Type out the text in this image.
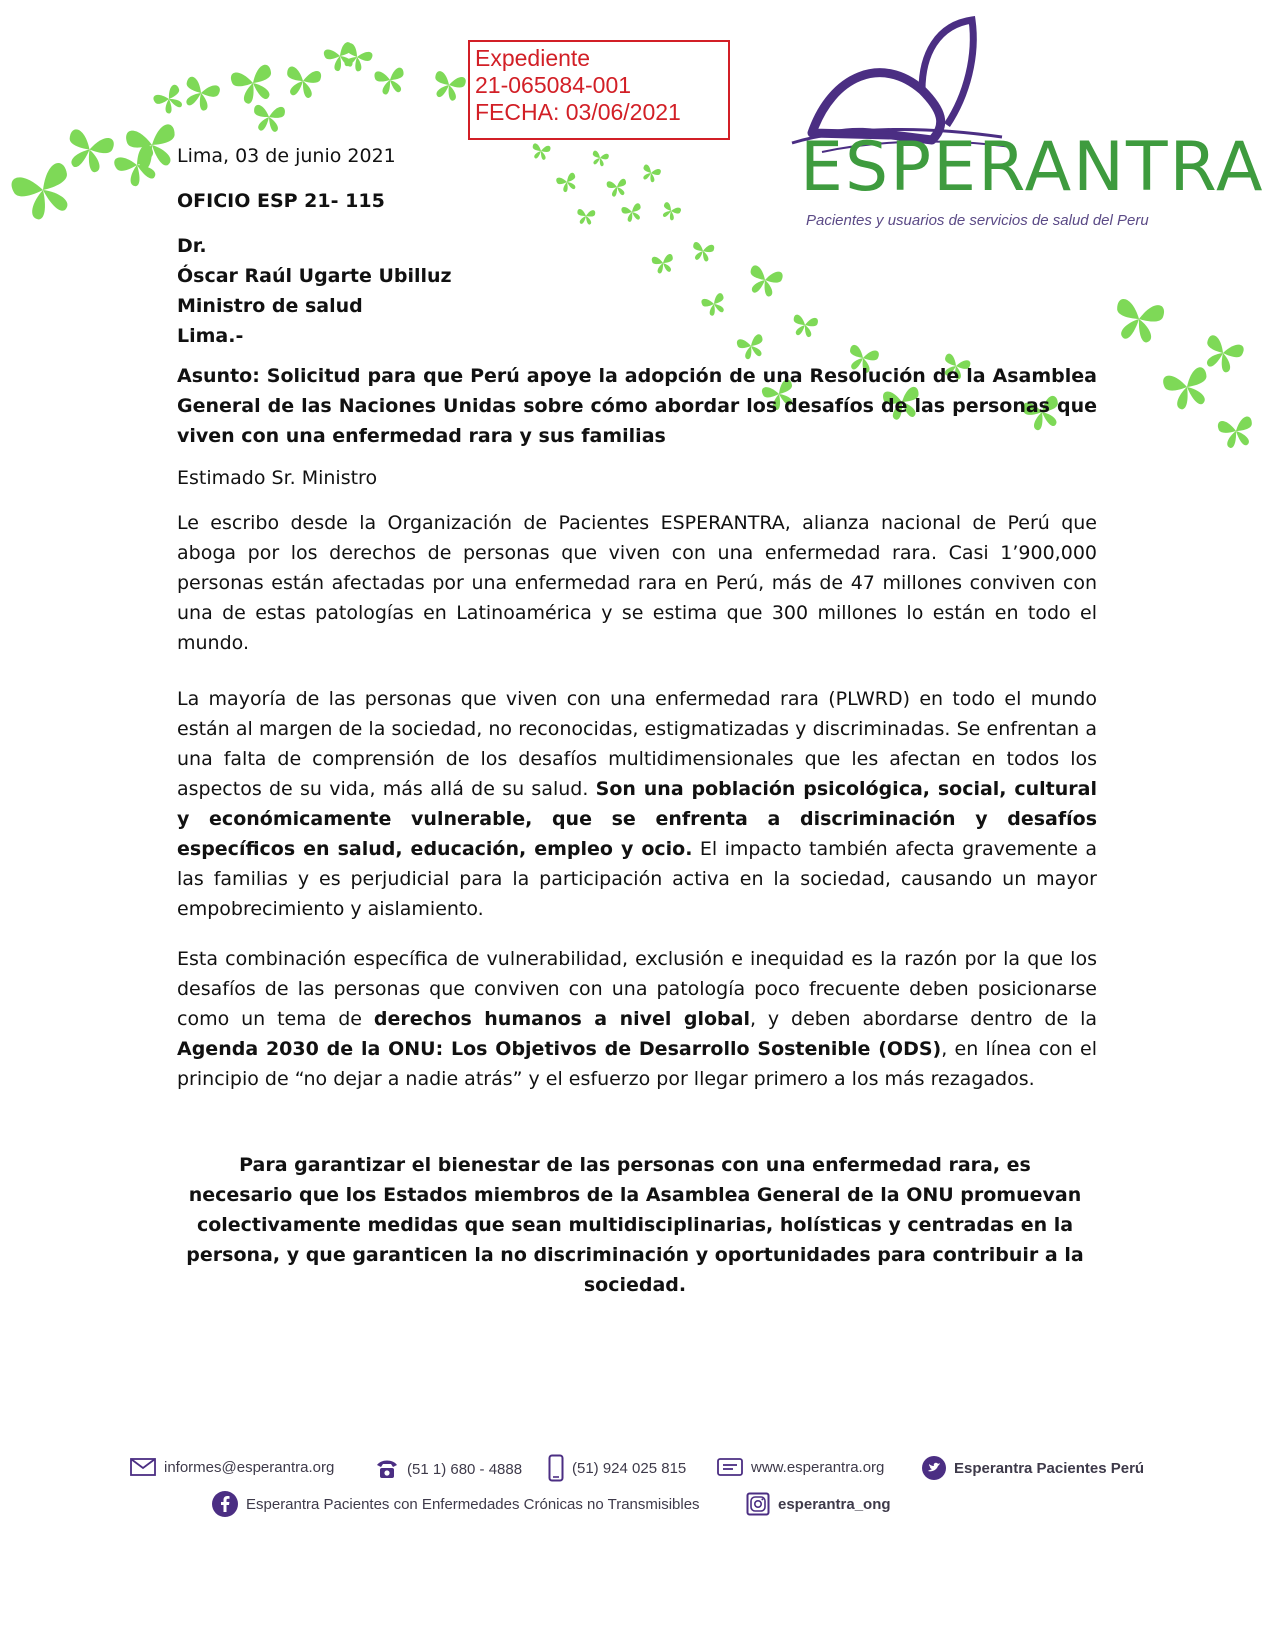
Expediente
21-065084-001
FECHA: 03/06/2021
ESPERANTRA
Pacientes y usuarios de servicios de salud del Peru
Lima, 03 de junio 2021
OFICIO ESP 21- 115
Dr.
Óscar Raúl Ugarte Ubilluz
Ministro de salud
Lima.-
Asunto: Solicitud para que Perú apoye la adopción de una Resolución de la Asamblea General de las Naciones Unidas sobre cómo abordar los desafíos de las personas que viven con una enfermedad rara y sus familias
Estimado Sr. Ministro
Le escribo desde la Organización de Pacientes ESPERANTRA, alianza nacional de Perú que aboga por los derechos de personas que viven con una enfermedad rara. Casi 1’900,000 personas están afectadas por una enfermedad rara en Perú, más de 47 millones conviven con una de estas patologías en Latinoamérica y se estima que 300 millones lo están en todo el mundo.
La mayoría de las personas que viven con una enfermedad rara (PLWRD) en todo el mundo están al margen de la sociedad, no reconocidas, estigmatizadas y discriminadas. Se enfrentan a una falta de comprensión de los desafíos multidimensionales que les afectan en todos los aspectos de su vida, más allá de su salud. Son una población psicológica, social, cultural y económicamente vulnerable, que se enfrenta a discriminación y desafíos específicos en salud, educación, empleo y ocio. El impacto también afecta gravemente a las familias y es perjudicial para la participación activa en la sociedad, causando un mayor empobrecimiento y aislamiento.
Esta combinación específica de vulnerabilidad, exclusión e inequidad es la razón por la que los desafíos de las personas que conviven con una patología poco frecuente deben posicionarse como un tema de derechos humanos a nivel global, y deben abordarse dentro de la Agenda 2030 de la ONU: Los Objetivos de Desarrollo Sostenible (ODS), en línea con el principio de “no dejar a nadie atrás” y el esfuerzo por llegar primero a los más rezagados.
Para garantizar el bienestar de las personas con una enfermedad rara, es necesario que los Estados miembros de la Asamblea General de la ONU promuevan colectivamente medidas que sean multidisciplinarias, holísticas y centradas en la persona, y que garanticen la no discriminación y oportunidades para contribuir a la sociedad.
informes@esperantra.org	(51 1) 680 - 4888	(51) 924 025 815	www.esperantra.org	Esperantra Pacientes Perú
Esperantra Pacientes con Enfermedades Crónicas no Transmisibles	esperantra_ong
